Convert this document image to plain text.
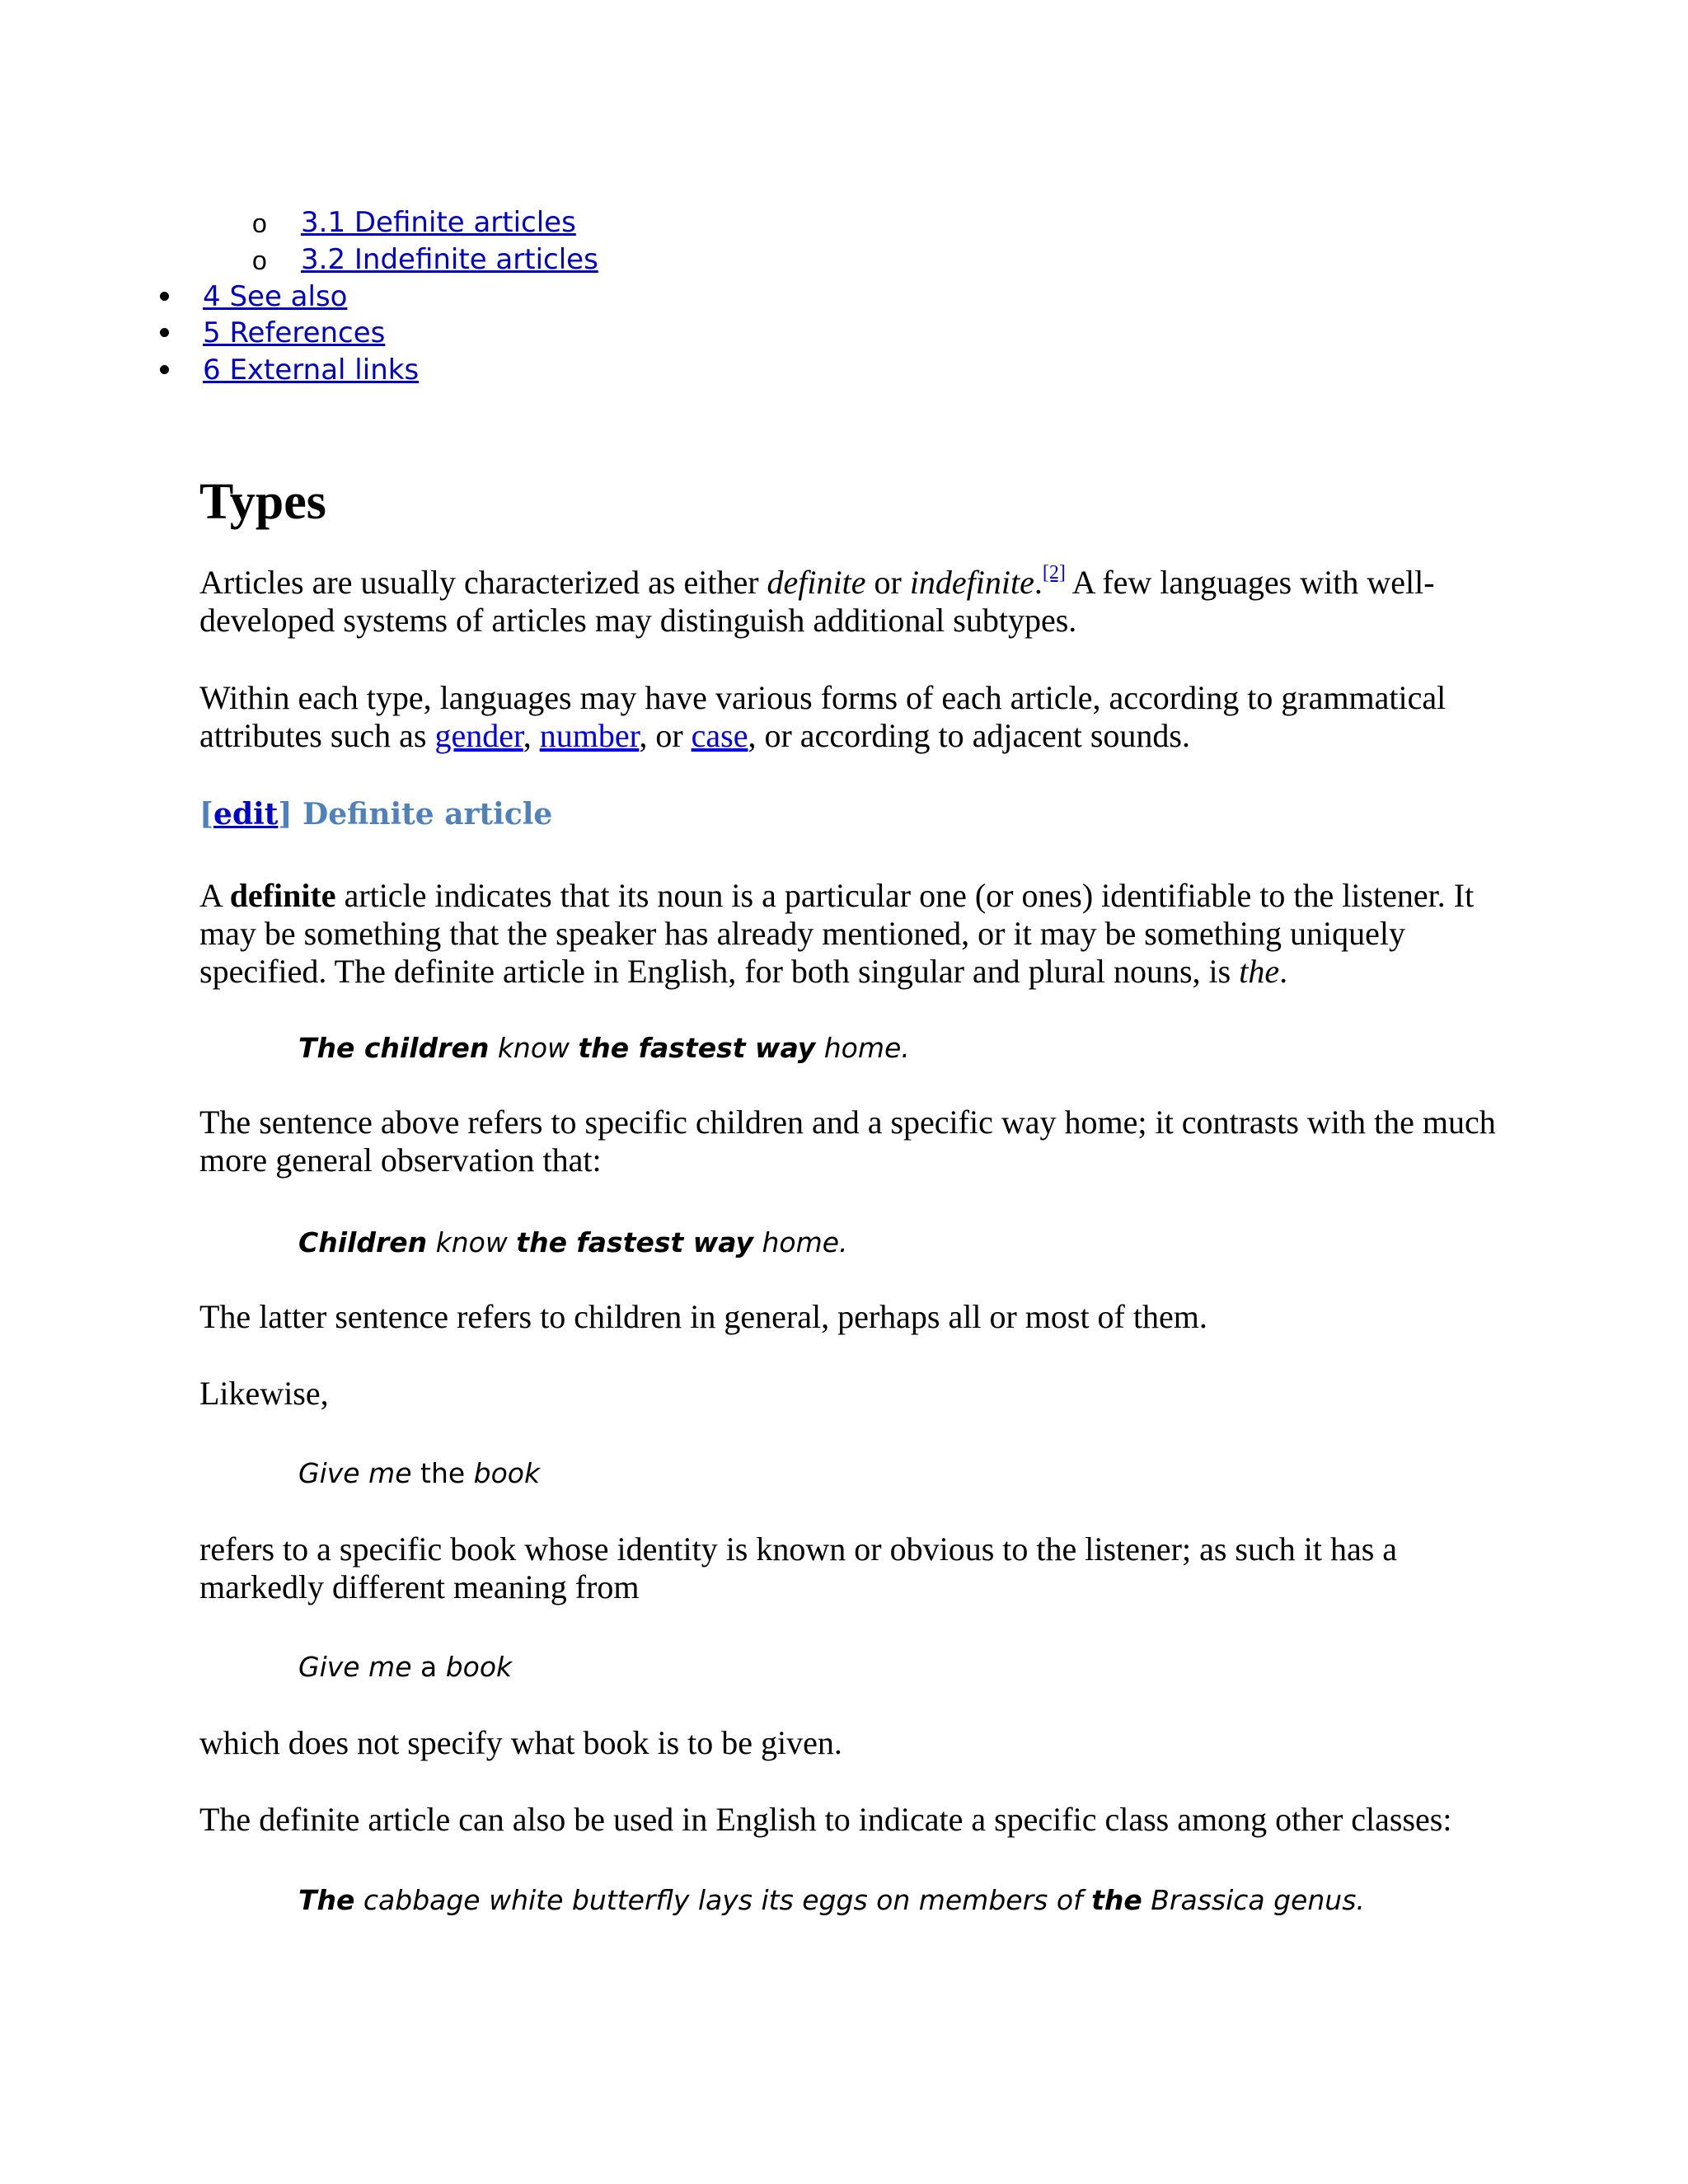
o 3.1 Definite articles
o 3.2 Indefinite articles
4 See also
5 References
6 External links
Types

Articles are usually characterized as either definite or indefinite.[2] A few languages with well-developed systems of articles may distinguish additional subtypes.

Within each type, languages may have various forms of each article, according to grammatical attributes such as gender, number, or case, or according to adjacent sounds.

[edit] Definite article

A definite article indicates that its noun is a particular one (or ones) identifiable to the listener. It may be something that the speaker has already mentioned, or it may be something uniquely specified. The definite article in English, for both singular and plural nouns, is the.

The children know the fastest way home.

The sentence above refers to specific children and a specific way home; it contrasts with the much more general observation that:

Children know the fastest way home.

The latter sentence refers to children in general, perhaps all or most of them.

Likewise,

Give me the book

refers to a specific book whose identity is known or obvious to the listener; as such it has a markedly different meaning from

Give me a book

which does not specify what book is to be given.

The definite article can also be used in English to indicate a specific class among other classes:

The cabbage white butterfly lays its eggs on members of the Brassica genus.
